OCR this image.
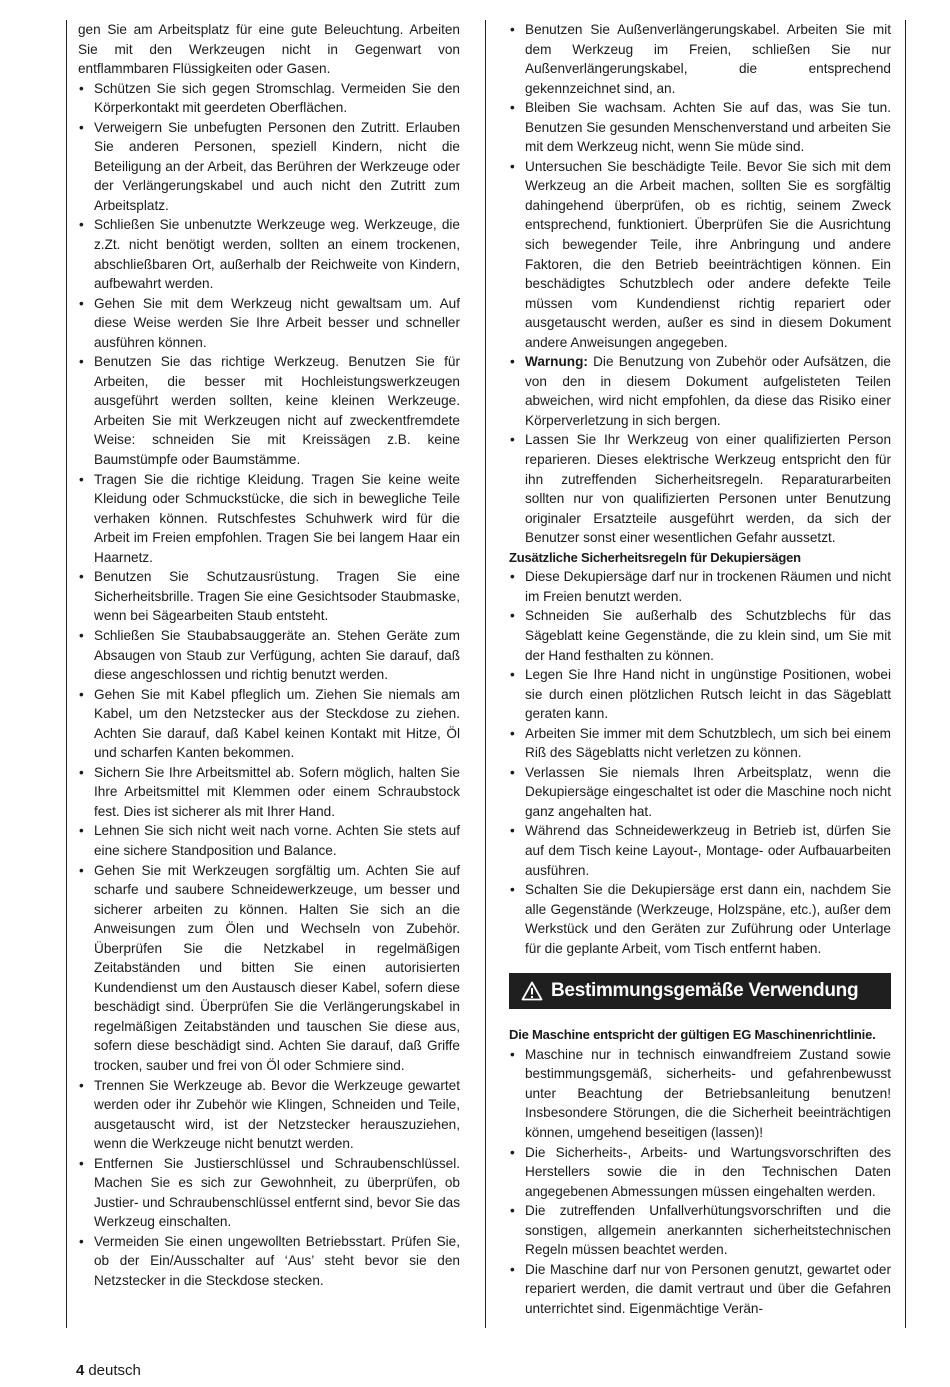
gen Sie am Arbeitsplatz für eine gute Beleuchtung. Arbeiten Sie mit den Werkzeugen nicht in Gegenwart von entflammbaren Flüssigkeiten oder Gasen.
• Schützen Sie sich gegen Stromschlag. Vermeiden Sie den Körperkontakt mit geerdeten Oberflächen.
• Verweigern Sie unbefugten Personen den Zutritt. Erlauben Sie anderen Personen, speziell Kindern, nicht die Beteiligung an der Arbeit, das Berühren der Werkzeuge oder der Verlängerungskabel und auch nicht den Zutritt zum Arbeitsplatz.
• Schließen Sie unbenutzte Werkzeuge weg. Werkzeuge, die z.Zt. nicht benötigt werden, sollten an einem trockenen, abschließbaren Ort, außerhalb der Reichweite von Kindern, aufbewahrt werden.
• Gehen Sie mit dem Werkzeug nicht gewaltsam um. Auf diese Weise werden Sie Ihre Arbeit besser und schneller ausführen können.
• Benutzen Sie das richtige Werkzeug. Benutzen Sie für Arbeiten, die besser mit Hochleistungswerkzeugen ausgeführt werden sollten, keine kleinen Werkzeuge. Arbeiten Sie mit Werkzeugen nicht auf zweckentfremdete Weise: schneiden Sie mit Kreissägen z.B. keine Baumstümpfe oder Baumstämme.
• Tragen Sie die richtige Kleidung. Tragen Sie keine weite Kleidung oder Schmuckstücke, die sich in bewegliche Teile verhaken können. Rutschfestes Schuhwerk wird für die Arbeit im Freien empfohlen. Tragen Sie bei langem Haar ein Haarnetz.
• Benutzen Sie Schutzausrüstung. Tragen Sie eine Sicherheitsbrille. Tragen Sie eine Gesichtsoder Staubmaske, wenn bei Sägearbeiten Staub entsteht.
• Schließen Sie Staubabsauggeräte an. Stehen Geräte zum Absaugen von Staub zur Verfügung, achten Sie darauf, daß diese angeschlossen und richtig benutzt werden.
• Gehen Sie mit Kabel pfleglich um. Ziehen Sie niemals am Kabel, um den Netzstecker aus der Steckdose zu ziehen. Achten Sie darauf, daß Kabel keinen Kontakt mit Hitze, Öl und scharfen Kanten bekommen.
• Sichern Sie Ihre Arbeitsmittel ab. Sofern möglich, halten Sie Ihre Arbeitsmittel mit Klemmen oder einem Schraubstock fest. Dies ist sicherer als mit Ihrer Hand.
• Lehnen Sie sich nicht weit nach vorne. Achten Sie stets auf eine sichere Standposition und Balance.
• Gehen Sie mit Werkzeugen sorgfältig um. Achten Sie auf scharfe und saubere Schneidewerkzeuge, um besser und sicherer arbeiten zu können. Halten Sie sich an die Anweisungen zum Ölen und Wechseln von Zubehör. Überprüfen Sie die Netzkabel in regelmäßigen Zeitabständen und bitten Sie einen autorisierten Kundendienst um den Austausch dieser Kabel, sofern diese beschädigt sind. Überprüfen Sie die Verlängerungskabel in regelmäßigen Zeitabständen und tauschen Sie diese aus, sofern diese beschädigt sind. Achten Sie darauf, daß Griffe trocken, sauber und frei von Öl oder Schmiere sind.
• Trennen Sie Werkzeuge ab. Bevor die Werkzeuge gewartet werden oder ihr Zubehör wie Klingen, Schneiden und Teile, ausgetauscht wird, ist der Netzstecker herauszuziehen, wenn die Werkzeuge nicht benutzt werden.
• Entfernen Sie Justierschlüssel und Schraubenschlüssel. Machen Sie es sich zur Gewohnheit, zu überprüfen, ob Justier- und Schraubenschlüssel entfernt sind, bevor Sie das Werkzeug einschalten.
• Vermeiden Sie einen ungewollten Betriebsstart. Prüfen Sie, ob der Ein/Ausschalter auf ‘Aus’ steht bevor sie den Netzstecker in die Steckdose stecken.
• Benutzen Sie Außenverlängerungskabel. Arbeiten Sie mit dem Werkzeug im Freien, schließen Sie nur Außenverlängerungskabel, die entsprechend gekennzeichnet sind, an.
• Bleiben Sie wachsam. Achten Sie auf das, was Sie tun. Benutzen Sie gesunden Menschenverstand und arbeiten Sie mit dem Werkzeug nicht, wenn Sie müde sind.
• Untersuchen Sie beschädigte Teile. Bevor Sie sich mit dem Werkzeug an die Arbeit machen, sollten Sie es sorgfältig dahingehend überprüfen, ob es richtig, seinem Zweck entsprechend, funktioniert. Überprüfen Sie die Ausrichtung sich bewegender Teile, ihre Anbringung und andere Faktoren, die den Betrieb beeinträchtigen können. Ein beschädigtes Schutzblech oder andere defekte Teile müssen vom Kundendienst richtig repariert oder ausgetauscht werden, außer es sind in diesem Dokument andere Anweisungen angegeben.
• Warnung: Die Benutzung von Zubehör oder Aufsätzen, die von den in diesem Dokument aufgelisteten Teilen abweichen, wird nicht empfohlen, da diese das Risiko einer Körperverletzung in sich bergen.
• Lassen Sie Ihr Werkzeug von einer qualifizierten Person reparieren. Dieses elektrische Werkzeug entspricht den für ihn zutreffenden Sicherheitsregeln. Reparaturarbeiten sollten nur von qualifizierten Personen unter Benutzung originaler Ersatzteile ausgeführt werden, da sich der Benutzer sonst einer wesentlichen Gefahr aussetzt.

Zusätzliche Sicherheitsregeln für Dekupiersägen

• Diese Dekupiersäge darf nur in trockenen Räumen und nicht im Freien benutzt werden.
• Schneiden Sie außerhalb des Schutzblechs für das Sägeblatt keine Gegenstände, die zu klein sind, um Sie mit der Hand festhalten zu können.
• Legen Sie Ihre Hand nicht in ungünstige Positionen, wobei sie durch einen plötzlichen Rutsch leicht in das Sägeblatt geraten kann.
• Arbeiten Sie immer mit dem Schutzblech, um sich bei einem Riß des Sägeblatts nicht verletzen zu können.
• Verlassen Sie niemals Ihren Arbeitsplatz, wenn die Dekupiersäge eingeschaltet ist oder die Maschine noch nicht ganz angehalten hat.
• Während das Schneidewerkzeug in Betrieb ist, dürfen Sie auf dem Tisch keine Layout-, Montage- oder Aufbauarbeiten ausführen.
• Schalten Sie die Dekupiersäge erst dann ein, nachdem Sie alle Gegenstände (Werkzeuge, Holzspäne, etc.), außer dem Werkstück und den Geräten zur Zuführung oder Unterlage für die geplante Arbeit, vom Tisch entfernt haben.
Bestimmungsgemäße Verwendung

Die Maschine entspricht der gültigen EG Maschinenrichtlinie.

• Maschine nur in technisch einwandfreiem Zustand sowie bestimmungsgemäß, sicherheits- und gefahrenbewusst unter Beachtung der Betriebsanleitung benutzen! Insbesondere Störungen, die die Sicherheit beeinträchtigen können, umgehend beseitigen (lassen)!
• Die Sicherheits-, Arbeits- und Wartungsvorschriften des Herstellers sowie die in den Technischen Daten angegebenen Abmessungen müssen eingehalten werden.
• Die zutreffenden Unfallverhütungsvorschriften und die sonstigen, allgemein anerkannten sicherheitstechnischen Regeln müssen beachtet werden.
• Die Maschine darf nur von Personen genutzt, gewartet oder repariert werden, die damit vertraut und über die Gefahren unterrichtet sind. Eigenmächtige Verän-
4 deutsch
